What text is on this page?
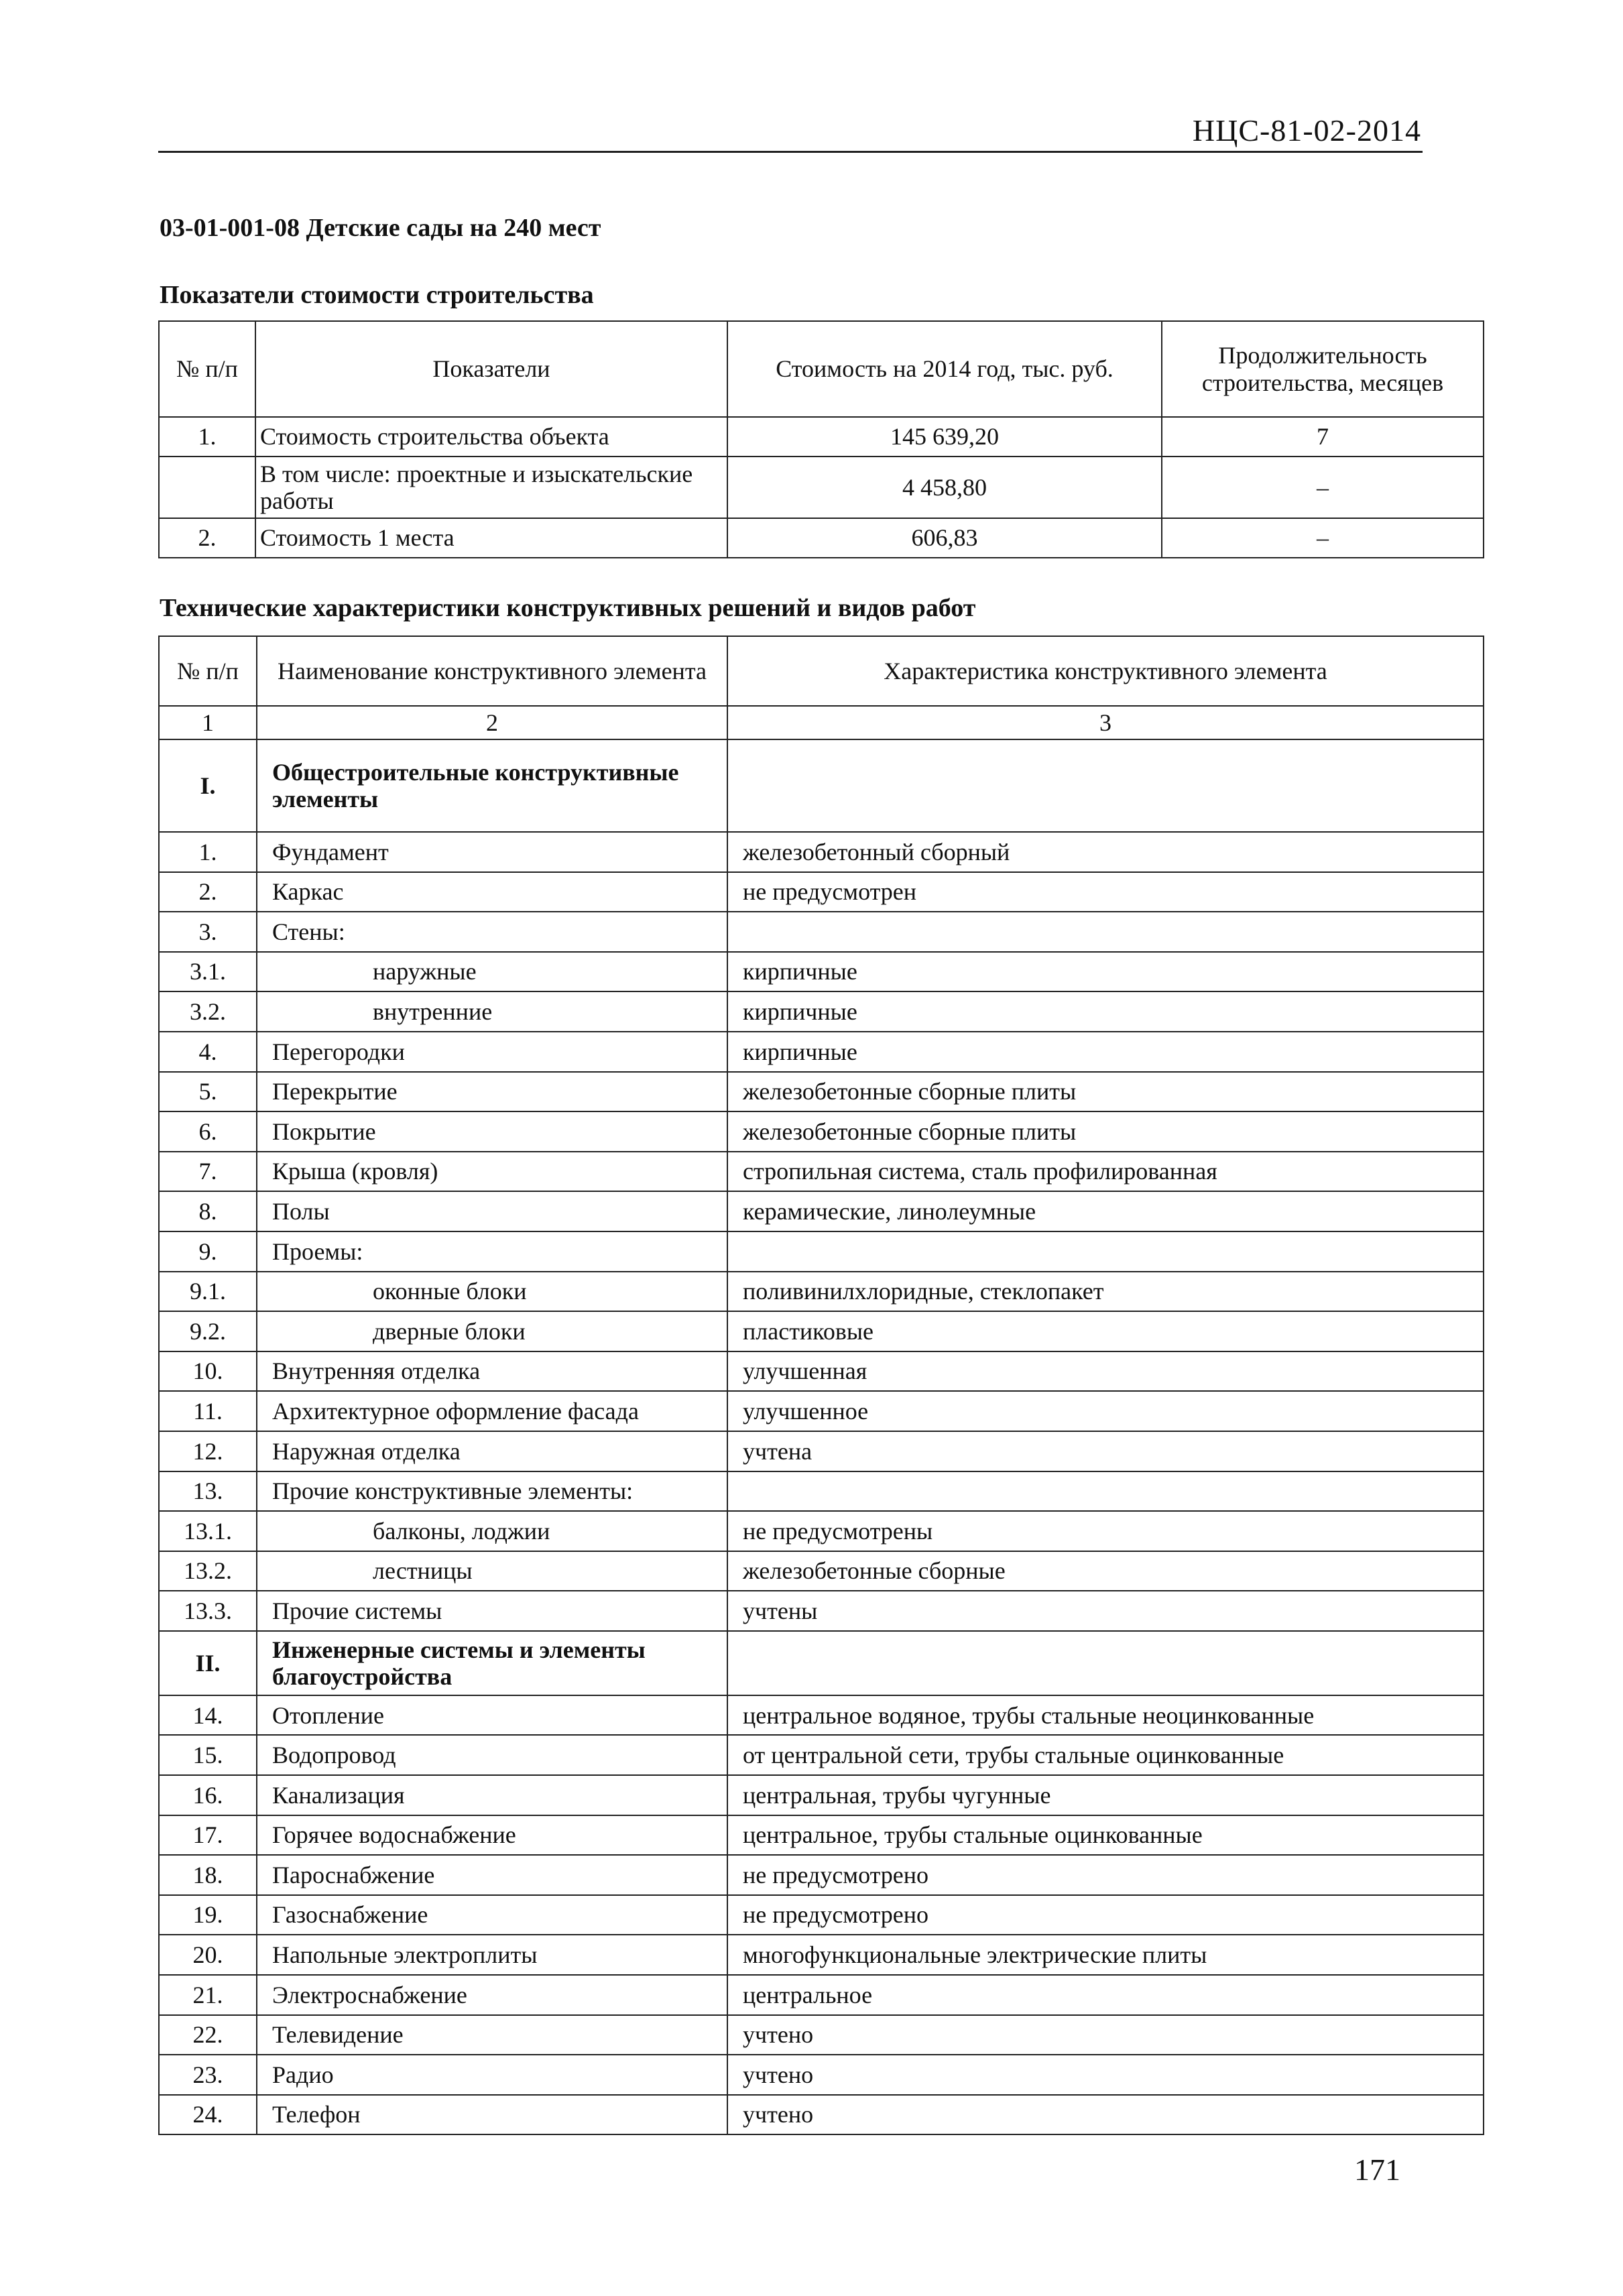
НЦС-81-02-2014
03-01-001-08 Детские сады на 240 мест
Показатели стоимости строительства
№ п/п	Показатели	Стоимость на 2014 год, тыс. руб.	Продолжительность строительства, месяцев
1.	Стоимость строительства объекта	145 639,20	7
	В том числе: проектные и изыскательские работы	4 458,80	–
2.	Стоимость 1 места	606,83	–
Технические характеристики конструктивных решений и видов работ
№ п/п	Наименование конструктивного элемента	Характеристика конструктивного элемента
1	2	3
I.	Общестроительные конструктивные элементы	
1.	Фундамент	железобетонный сборный
2.	Каркас	не предусмотрен
3.	Стены:	
3.1.	наружные	кирпичные
3.2.	внутренние	кирпичные
4.	Перегородки	кирпичные
5.	Перекрытие	железобетонные сборные плиты
6.	Покрытие	железобетонные сборные плиты
7.	Крыша (кровля)	стропильная система, сталь профилированная
8.	Полы	керамические, линолеумные
9.	Проемы:	
9.1.	оконные блоки	поливинилхлоридные, стеклопакет
9.2.	дверные блоки	пластиковые
10.	Внутренняя отделка	улучшенная
11.	Архитектурное оформление фасада	улучшенное
12.	Наружная отделка	учтена
13.	Прочие конструктивные элементы:	
13.1.	балконы, лоджии	не предусмотрены
13.2.	лестницы	железобетонные сборные
13.3.	Прочие системы	учтены
II.	Инженерные системы и элементы благоустройства	
14.	Отопление	центральное водяное, трубы стальные неоцинкованные
15.	Водопровод	от центральной сети, трубы стальные оцинкованные
16.	Канализация	центральная, трубы чугунные
17.	Горячее водоснабжение	центральное, трубы стальные оцинкованные
18.	Пароснабжение	не предусмотрено
19.	Газоснабжение	не предусмотрено
20.	Напольные электроплиты	многофункциональные электрические плиты
21.	Электроснабжение	центральное
22.	Телевидение	учтено
23.	Радио	учтено
24.	Телефон	учтено
171
